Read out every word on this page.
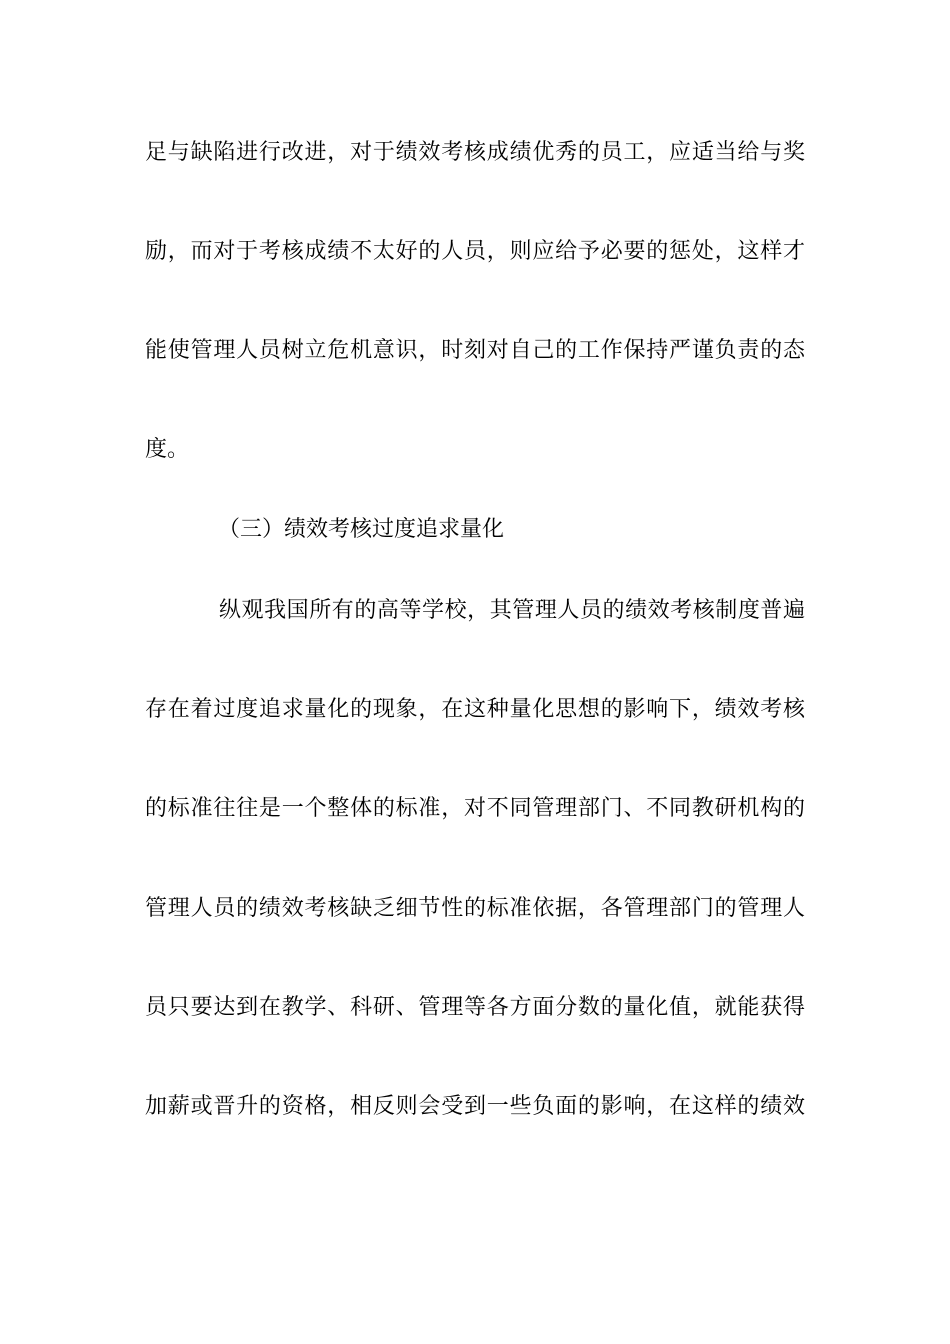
足与缺陷进行改进，对于绩效考核成绩优秀的员工，应适当给与奖
励，而对于考核成绩不太好的人员，则应给予必要的惩处，这样才
能使管理人员树立危机意识，时刻对自己的工作保持严谨负责的态
度。
（三）绩效考核过度追求量化
纵观我国所有的高等学校，其管理人员的绩效考核制度普遍
存在着过度追求量化的现象，在这种量化思想的影响下，绩效考核
的标准往往是一个整体的标准，对不同管理部门、不同教研机构的
管理人员的绩效考核缺乏细节性的标准依据，各管理部门的管理人
员只要达到在教学、科研、管理等各方面分数的量化值，就能获得
加薪或晋升的资格，相反则会受到一些负面的影响，在这样的绩效
